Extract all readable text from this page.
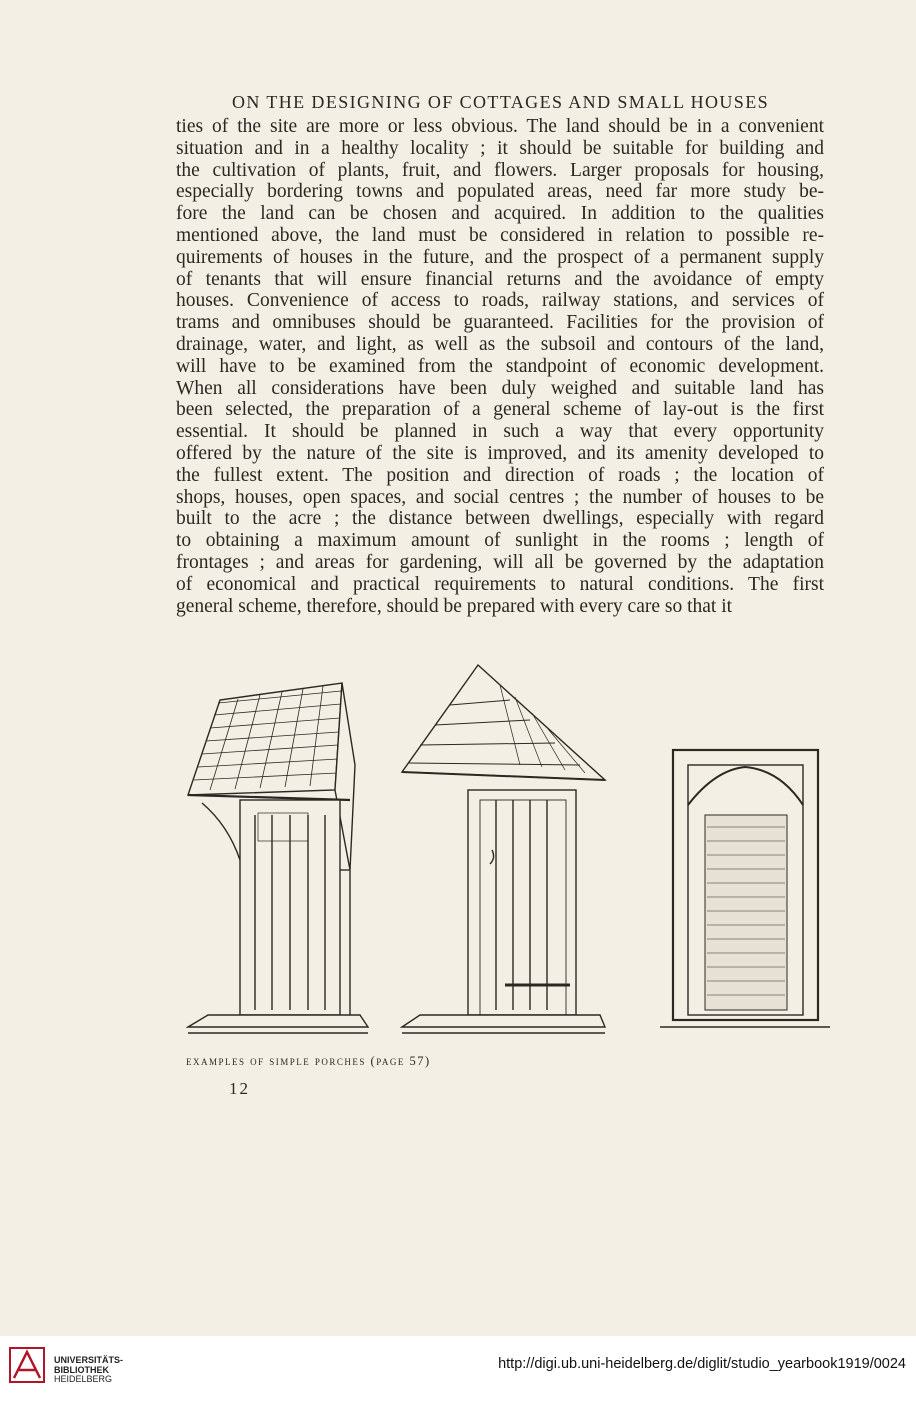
ON THE DESIGNING OF COTTAGES AND SMALL HOUSES
ties of the site are more or less obvious. The land should be in a convenient
situation and in a healthy locality ; it should be suitable for building and
the cultivation of plants, fruit, and flowers. Larger proposals for housing,
especially bordering towns and populated areas, need far more study be-
fore the land can be chosen and acquired. In addition to the qualities
mentioned above, the land must be considered in relation to possible re-
quirements of houses in the future, and the prospect of a permanent supply
of tenants that will ensure financial returns and the avoidance of empty
houses. Convenience of access to roads, railway stations, and services of
trams and omnibuses should be guaranteed. Facilities for the provision of
drainage, water, and light, as well as the subsoil and contours of the land,
will have to be examined from the standpoint of economic development.
When all considerations have been duly weighed and suitable land has
been selected, the preparation of a general scheme of lay-out is the first
essential. It should be planned in such a way that every opportunity
offered by the nature of the site is improved, and its amenity developed to
the fullest extent. The position and direction of roads ; the location of
shops, houses, open spaces, and social centres ; the number of houses to be
built to the acre ; the distance between dwellings, especially with regard
to obtaining a maximum amount of sunlight in the rooms ; length of
frontages ; and areas for gardening, will all be governed by the adaptation
of economical and practical requirements to natural conditions. The first
general scheme, therefore, should be prepared with every care so that it
examples of simple porches (page 57)
12
UNIVERSITÄTS-
BIBLIOTHEK
HEIDELBERG
http://digi.ub.uni-heidelberg.de/diglit/studio_yearbook1919/0024
